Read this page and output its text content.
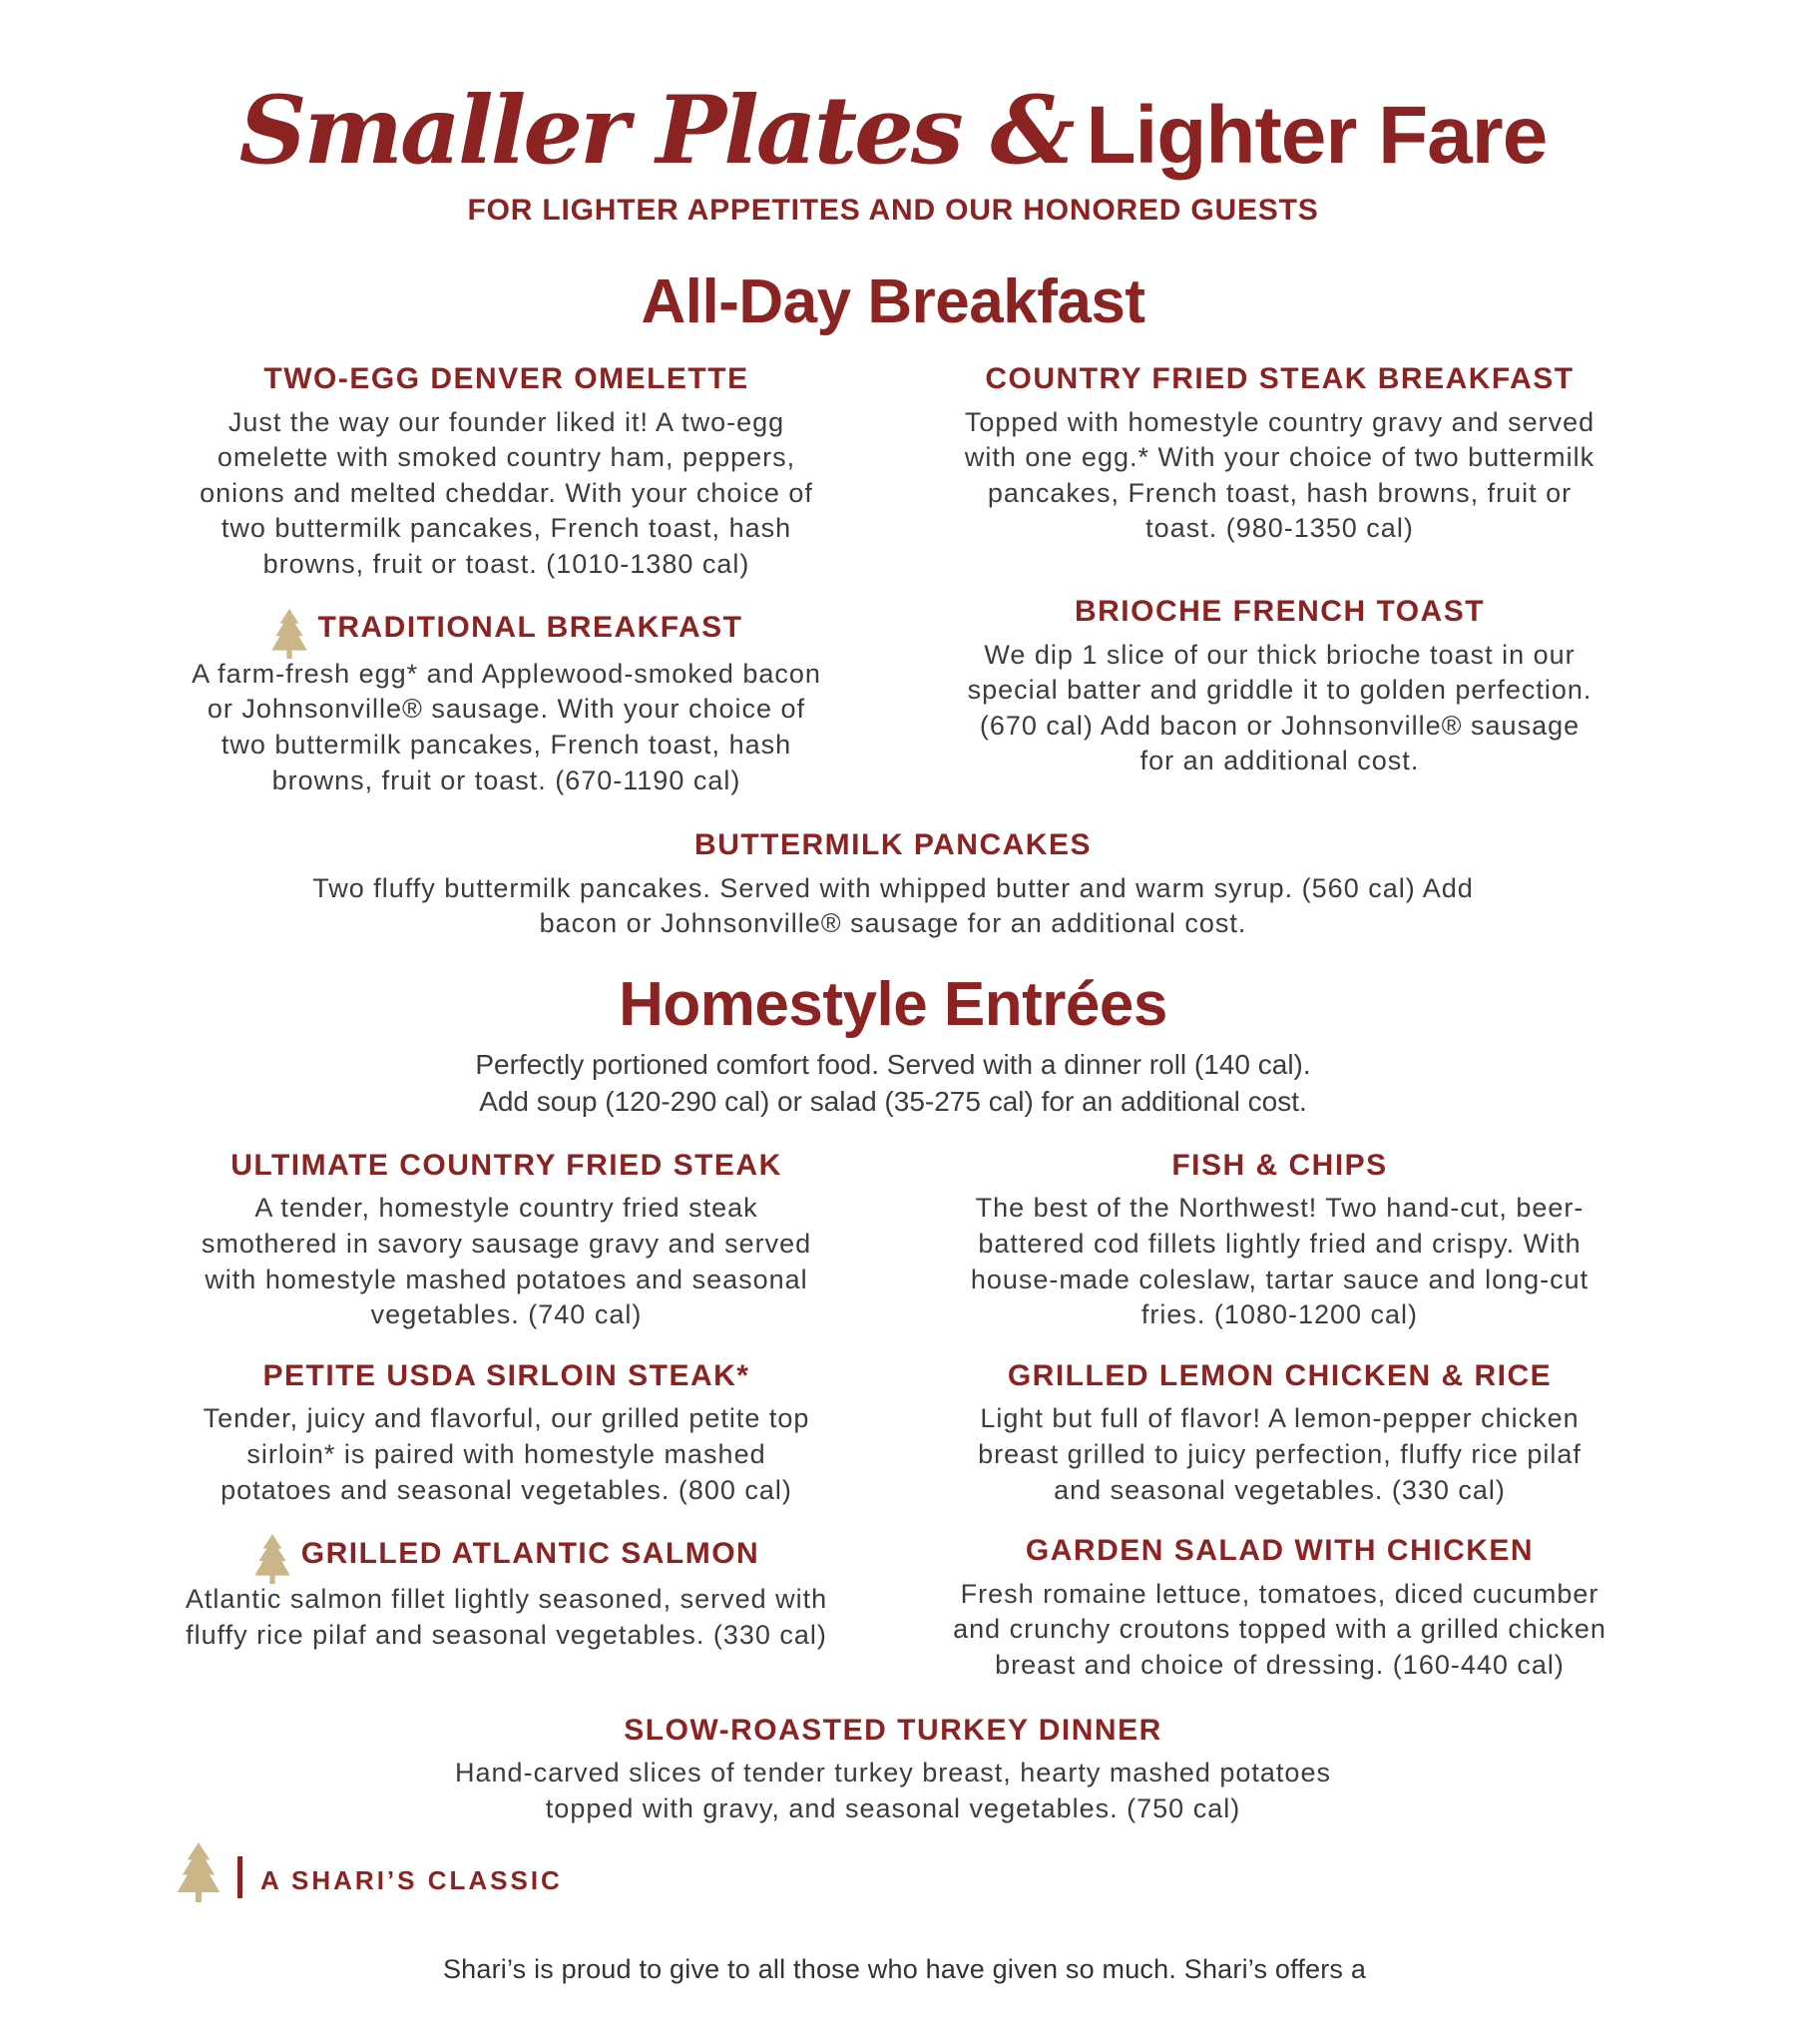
Smaller Plates & Lighter Fare
FOR LIGHTER APPETITES AND OUR HONORED GUESTS
All-Day Breakfast
TWO-EGG DENVER OMELETTE

Just the way our founder liked it! A two-egg omelette with smoked country ham, peppers, onions and melted cheddar. With your choice of two buttermilk pancakes, French toast, hash browns, fruit or toast. (1010-1380 cal)

TRADITIONAL BREAKFAST

A farm-fresh egg* and Applewood-smoked bacon or Johnsonville® sausage. With your choice of two buttermilk pancakes, French toast, hash browns, fruit or toast. (670-1190 cal)

COUNTRY FRIED STEAK BREAKFAST

Topped with homestyle country gravy and served with one egg.* With your choice of two buttermilk pancakes, French toast, hash browns, fruit or toast. (980-1350 cal)

BRIOCHE FRENCH TOAST

We dip 1 slice of our thick brioche toast in our special batter and griddle it to golden perfection. (670 cal) Add bacon or Johnsonville® sausage for an additional cost.

BUTTERMILK PANCAKES

Two fluffy buttermilk pancakes. Served with whipped butter and warm syrup. (560 cal) Add bacon or Johnsonville® sausage for an additional cost.

Homestyle Entrées
Perfectly portioned comfort food. Served with a dinner roll (140 cal).
Add soup (120-290 cal) or salad (35-275 cal) for an additional cost.
ULTIMATE COUNTRY FRIED STEAK

A tender, homestyle country fried steak smothered in savory sausage gravy and served with homestyle mashed potatoes and seasonal vegetables. (740 cal)

PETITE USDA SIRLOIN STEAK*

Tender, juicy and flavorful, our grilled petite top sirloin* is paired with homestyle mashed potatoes and seasonal vegetables. (800 cal)

GRILLED ATLANTIC SALMON

Atlantic salmon fillet lightly seasoned, served with fluffy rice pilaf and seasonal vegetables. (330 cal)

FISH & CHIPS

The best of the Northwest! Two hand-cut, beer-battered cod fillets lightly fried and crispy. With house-made coleslaw, tartar sauce and long-cut fries. (1080-1200 cal)

GRILLED LEMON CHICKEN & RICE

Light but full of flavor! A lemon-pepper chicken breast grilled to juicy perfection, fluffy rice pilaf and seasonal vegetables. (330 cal)

GARDEN SALAD WITH CHICKEN

Fresh romaine lettuce, tomatoes, diced cucumber and crunchy croutons topped with a grilled chicken breast and choice of dressing. (160-440 cal)

SLOW-ROASTED TURKEY DINNER

Hand-carved slices of tender turkey breast, hearty mashed potatoes topped with gravy, and seasonal vegetables. (750 cal)

A SHARI’S CLASSIC
Shari’s is proud to give to all those who have given so much. Shari’s offers a
